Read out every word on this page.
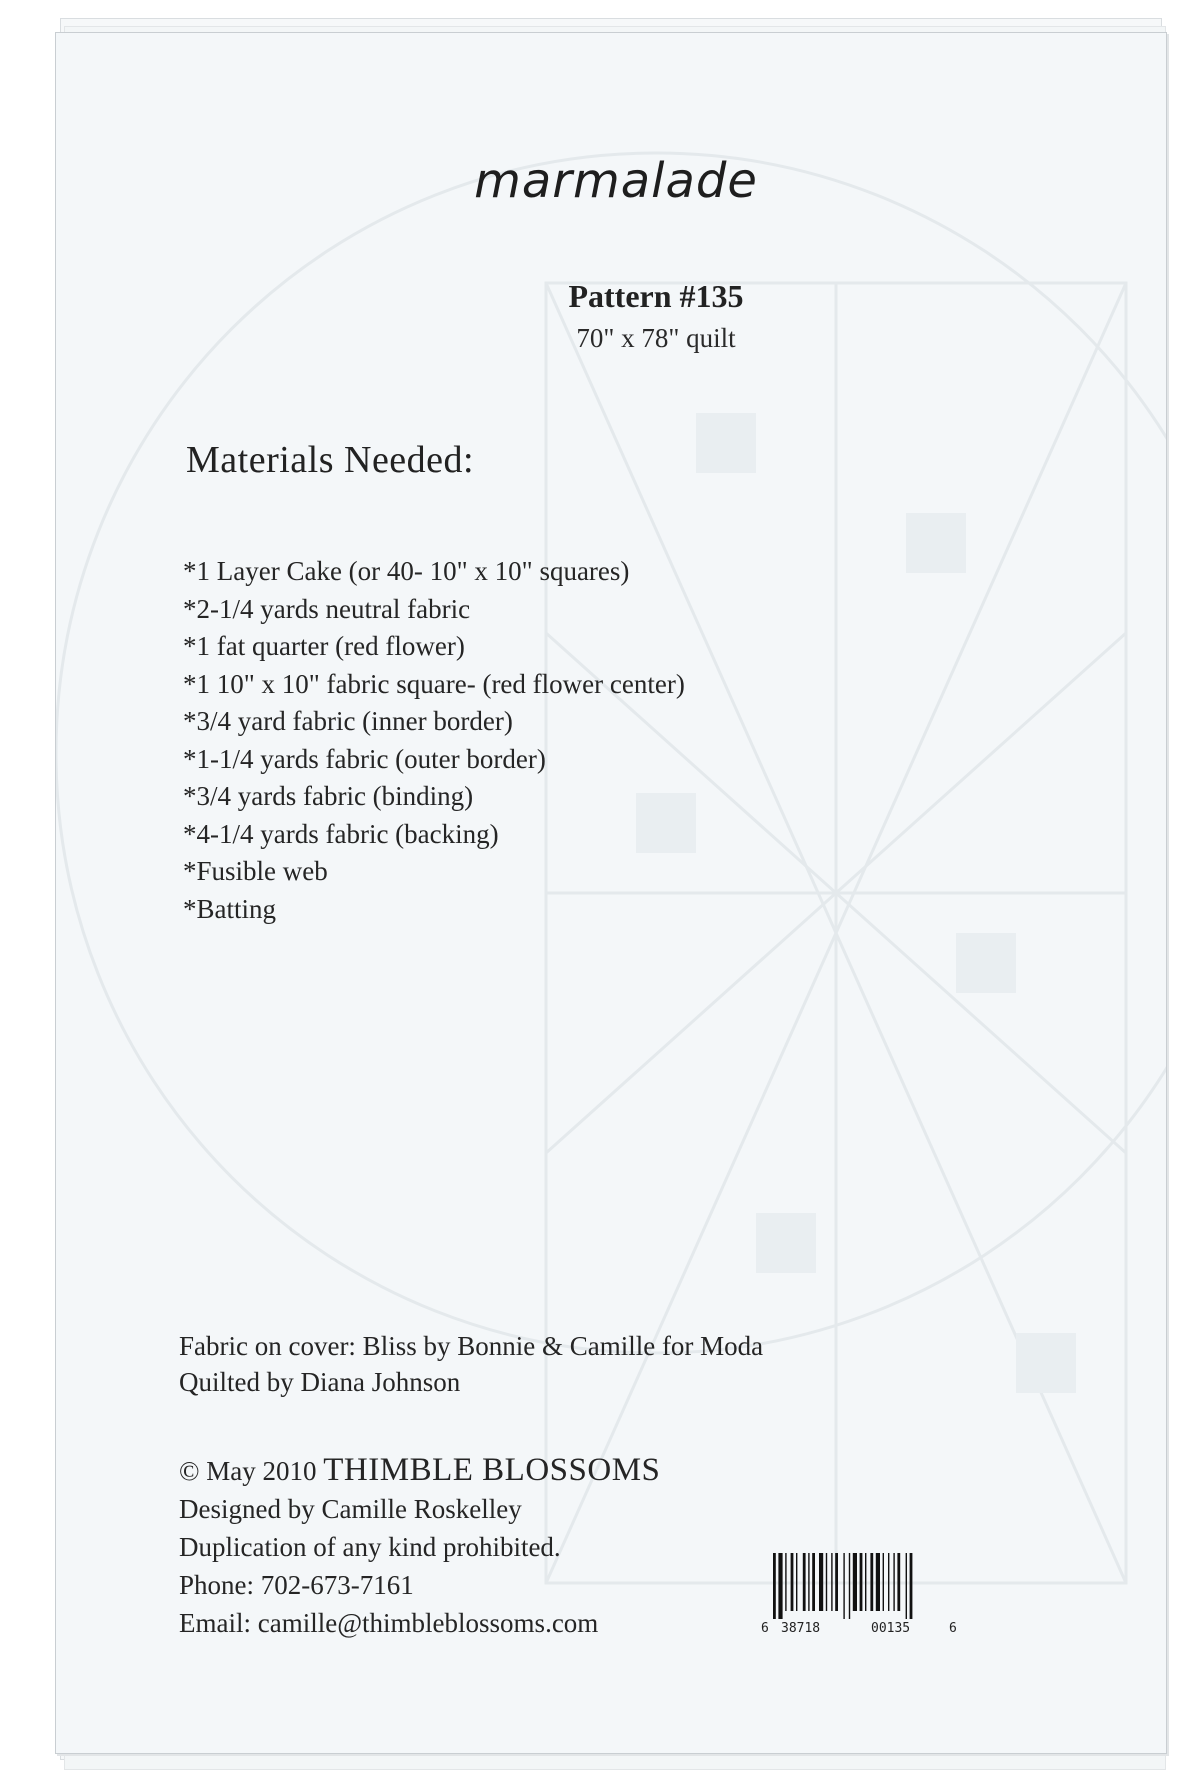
marmalade
Pattern #135
70" x 78" quilt
Materials Needed:
*1 Layer Cake (or 40- 10" x 10" squares)
*2-1/4 yards neutral fabric
*1 fat quarter (red flower)
*1 10" x 10" fabric square- (red flower center)
*3/4 yard fabric (inner border)
*1-1/4 yards fabric (outer border)
*3/4 yards fabric (binding)
*4-1/4 yards fabric (backing)
*Fusible web
*Batting
Fabric on cover: Bliss by Bonnie & Camille for Moda
Quilted by Diana Johnson
© May 2010 THIMBLE BLOSSOMS
Designed by Camille Roskelley
Duplication of any kind prohibited.
Phone: 702-673-7161
Email: camille@thimbleblossoms.com	6 38718	00135	6
